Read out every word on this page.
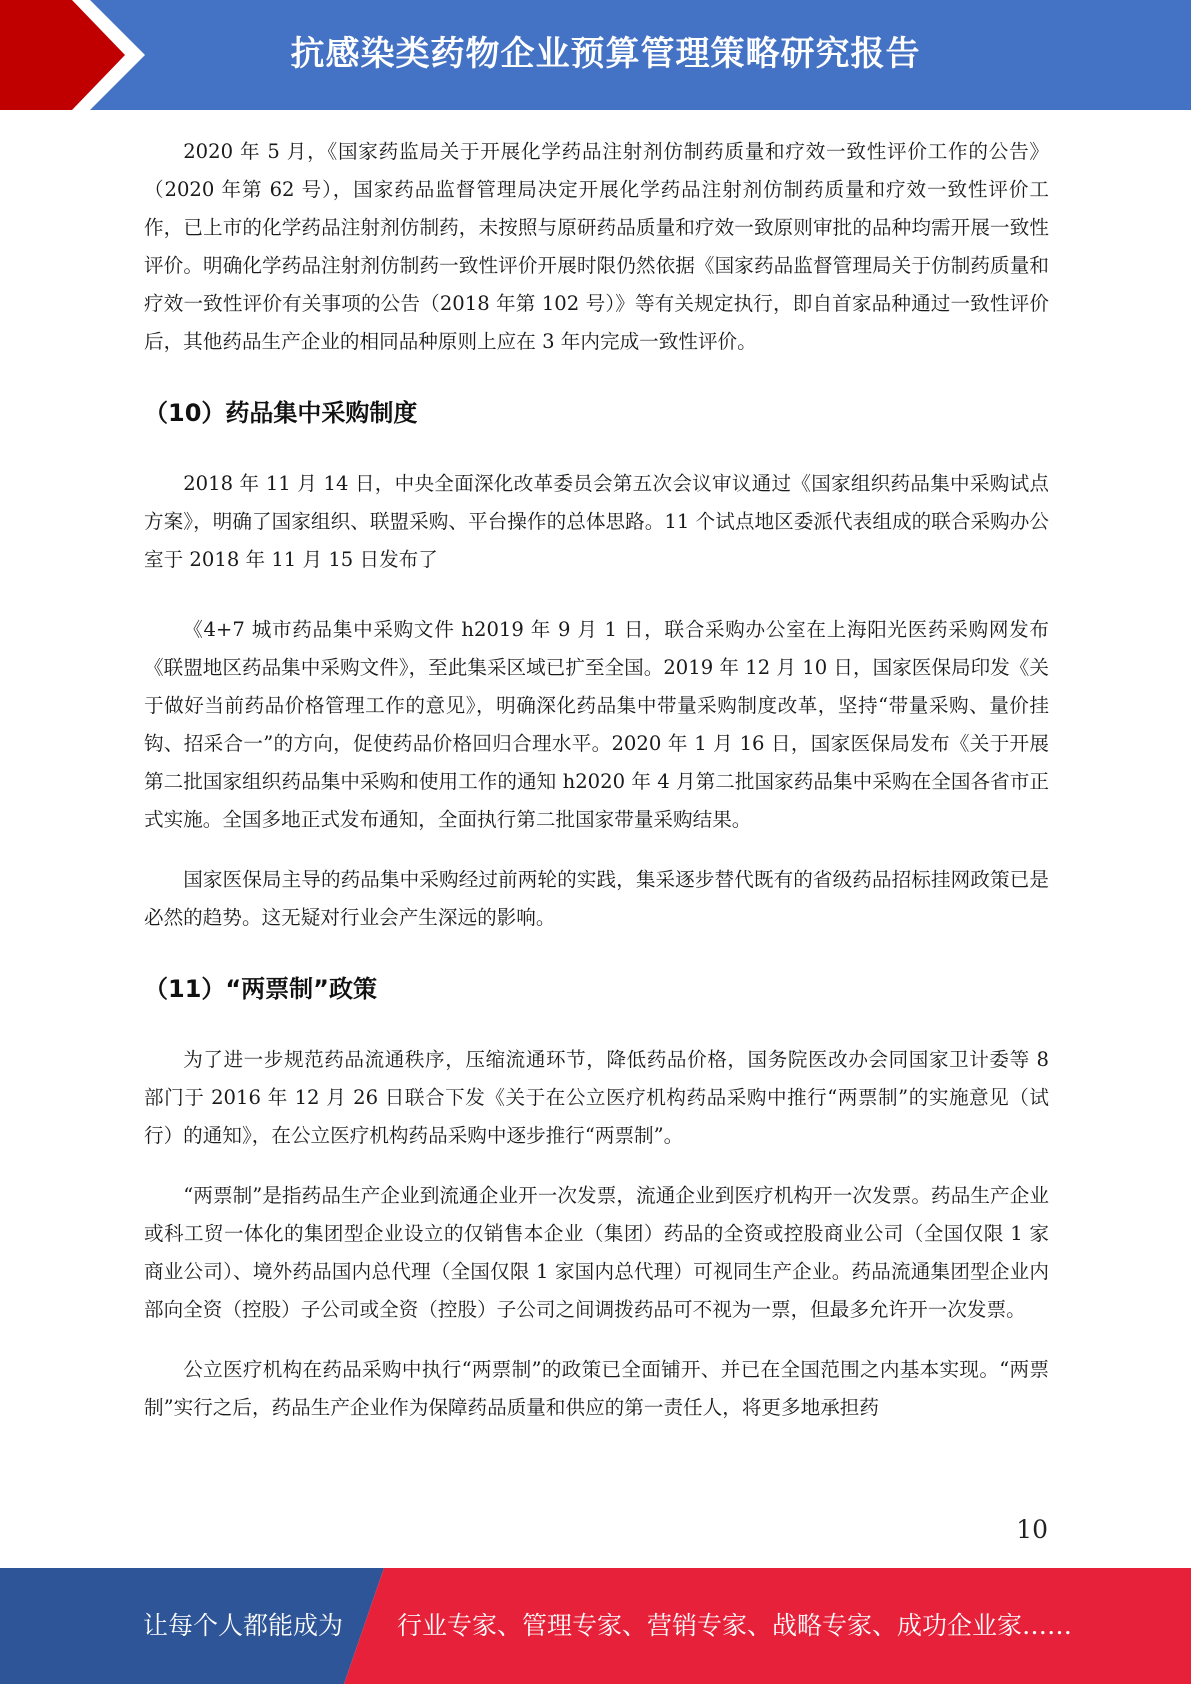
抗感染类药物企业预算管理策略研究报告

2020 年 5 月，《国家药监局关于开展化学药品注射剂仿制药质量和疗效一致性评价工作的公告》（2020 年第 62 号），国家药品监督管理局决定开展化学药品注射剂仿制药质量和疗效一致性评价工作，已上市的化学药品注射剂仿制药，未按照与原研药品质量和疗效一致原则审批的品种均需开展一致性评价。明确化学药品注射剂仿制药一致性评价开展时限仍然依据《国家药品监督管理局关于仿制药质量和疗效一致性评价有关事项的公告（2018 年第 102 号）》等有关规定执行，即自首家品种通过一致性评价后，其他药品生产企业的相同品种原则上应在 3 年内完成一致性评价。

（10）药品集中采购制度

2018 年 11 月 14 日，中央全面深化改革委员会第五次会议审议通过《国家组织药品集中采购试点方案》，明确了国家组织、联盟采购、平台操作的总体思路。11 个试点地区委派代表组成的联合采购办公室于 2018 年 11 月 15 日发布了

《4+7 城市药品集中采购文件 h2019 年 9 月 1 日，联合采购办公室在上海阳光医药采购网发布《联盟地区药品集中采购文件》，至此集采区域已扩至全国。2019 年 12 月 10 日，国家医保局印发《关于做好当前药品价格管理工作的意见》，明确深化药品集中带量采购制度改革，坚持“带量采购、量价挂钩、招采合一”的方向，促使药品价格回归合理水平。2020 年 1 月 16 日，国家医保局发布《关于开展第二批国家组织药品集中采购和使用工作的通知 h2020 年 4 月第二批国家药品集中采购在全国各省市正式实施。全国多地正式发布通知，全面执行第二批国家带量采购结果。

国家医保局主导的药品集中采购经过前两轮的实践，集采逐步替代既有的省级药品招标挂网政策已是必然的趋势。这无疑对行业会产生深远的影响。

（11）“两票制”政策

为了进一步规范药品流通秩序，压缩流通环节，降低药品价格，国务院医改办会同国家卫计委等 8 部门于 2016 年 12 月 26 日联合下发《关于在公立医疗机构药品采购中推行“两票制”的实施意见（试行）的通知》，在公立医疗机构药品采购中逐步推行“两票制”。

“两票制”是指药品生产企业到流通企业开一次发票，流通企业到医疗机构开一次发票。药品生产企业或科工贸一体化的集团型企业设立的仅销售本企业（集团）药品的全资或控股商业公司（全国仅限 1 家商业公司）、境外药品国内总代理（全国仅限 1 家国内总代理）可视同生产企业。药品流通集团型企业内部向全资（控股）子公司或全资（控股）子公司之间调拨药品可不视为一票，但最多允许开一次发票。

公立医疗机构在药品采购中执行“两票制”的政策已全面铺开、并已在全国范围之内基本实现。“两票制”实行之后，药品生产企业作为保障药品质量和供应的第一责任人，将更多地承担药

10
让每个人都能成为 行业专家、管理专家、营销专家、战略专家、成功企业家……
